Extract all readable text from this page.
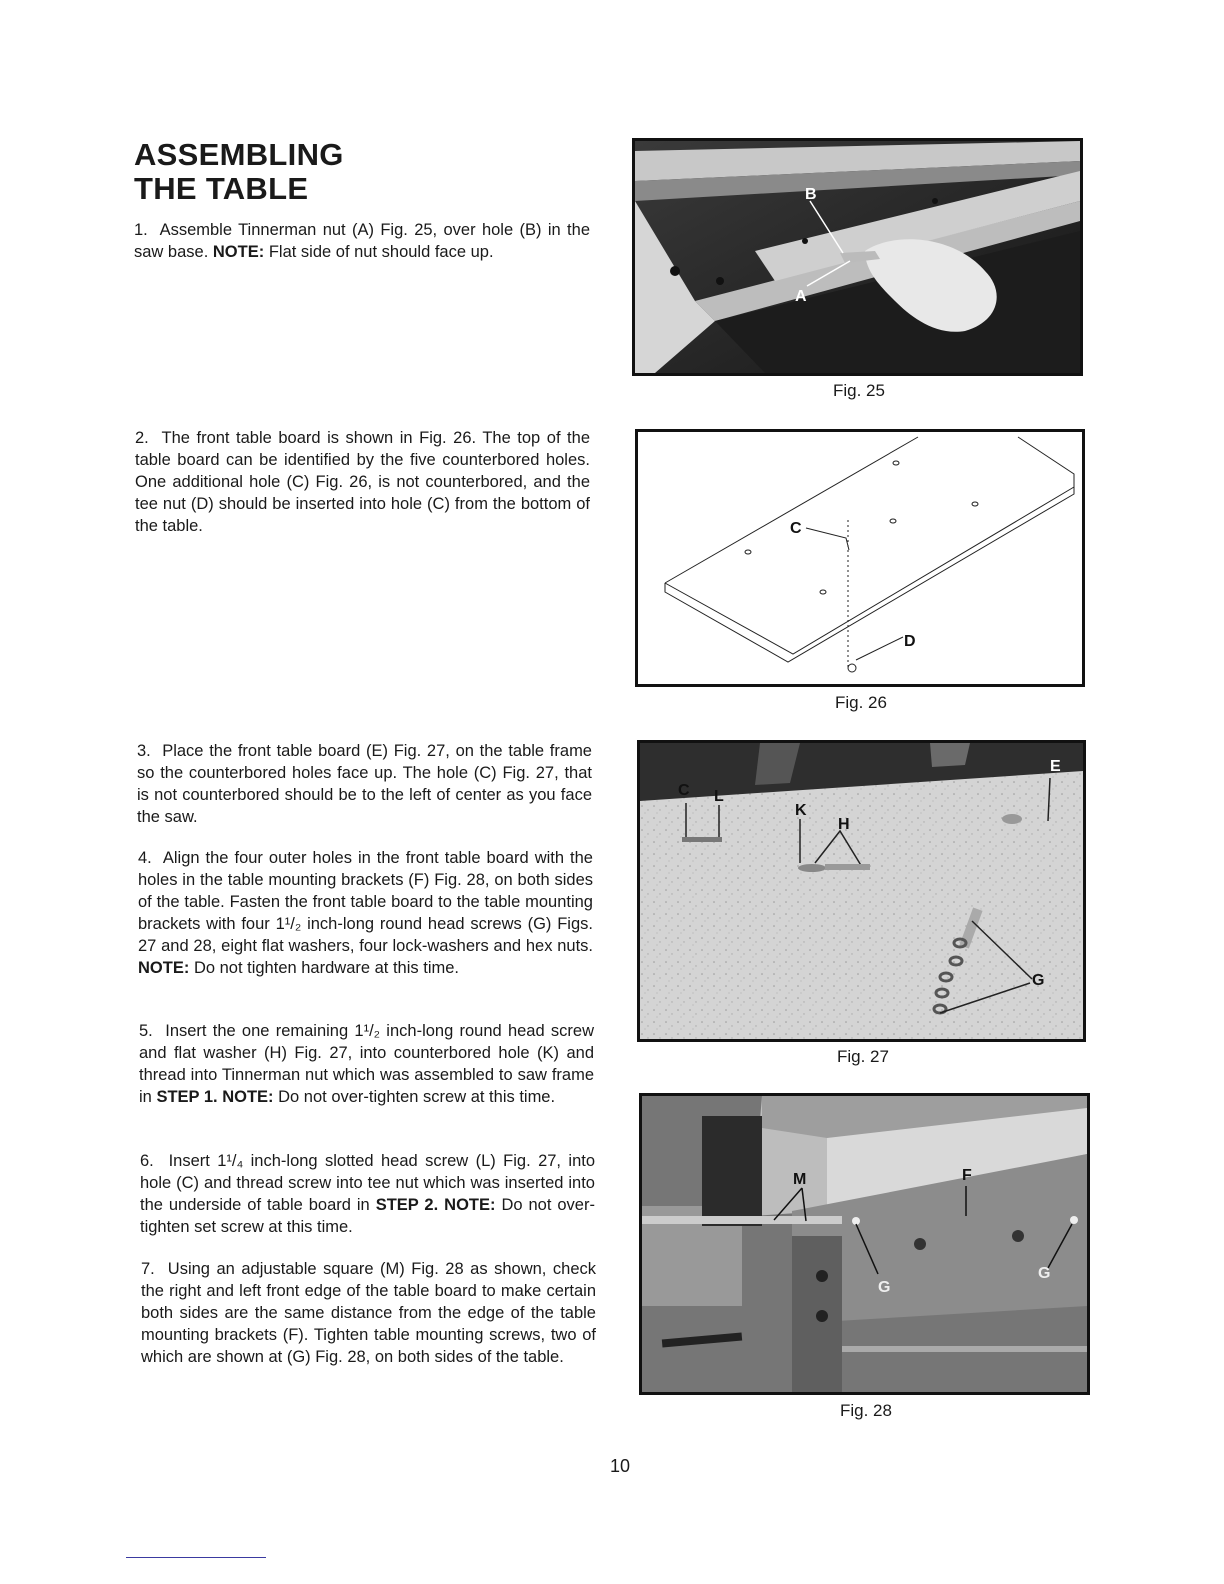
ASSEMBLING
THE TABLE

1. Assemble Tinnerman nut (A) Fig. 25, over hole (B) in the saw base. NOTE: Flat side of nut should face up.

2. The front table board is shown in Fig. 26. The top of the table board can be identified by the five counterbored holes. One additional hole (C) Fig. 26, is not counterbored, and the tee nut (D) should be inserted into hole (C) from the bottom of the table.

3. Place the front table board (E) Fig. 27, on the table frame so the counterbored holes face up. The hole (C) Fig. 27, that is not counterbored should be to the left of center as you face the saw.

4. Align the four outer holes in the front table board with the holes in the table mounting brackets (F) Fig. 28, on both sides of the table. Fasten the front table board to the table mounting brackets with four 1¹/₂ inch-long round head screws (G) Figs. 27 and 28, eight flat washers, four lock-washers and hex nuts. NOTE: Do not tighten hardware at this time.

5. Insert the one remaining 1¹/₂ inch-long round head screw and flat washer (H) Fig. 27, into counterbored hole (K) and thread into Tinnerman nut which was assembled to saw frame in STEP 1. NOTE: Do not over-tighten screw at this time.

6. Insert 1¹/₄ inch-long slotted head screw (L) Fig. 27, into hole (C) and thread screw into tee nut which was inserted into the underside of table board in STEP 2. NOTE: Do not over-tighten set screw at this time.

7. Using an adjustable square (M) Fig. 28 as shown, check the right and left front edge of the table board to make certain both sides are the same distance from the edge of the table mounting brackets (F). Tighten table mounting screws, two of which are shown at (G) Fig. 28, on both sides of the table.

B
A
Fig. 25
C
D
Fig. 26
C L
K
H
E
G
Fig. 27
M	F
G
G
Fig. 28
10
